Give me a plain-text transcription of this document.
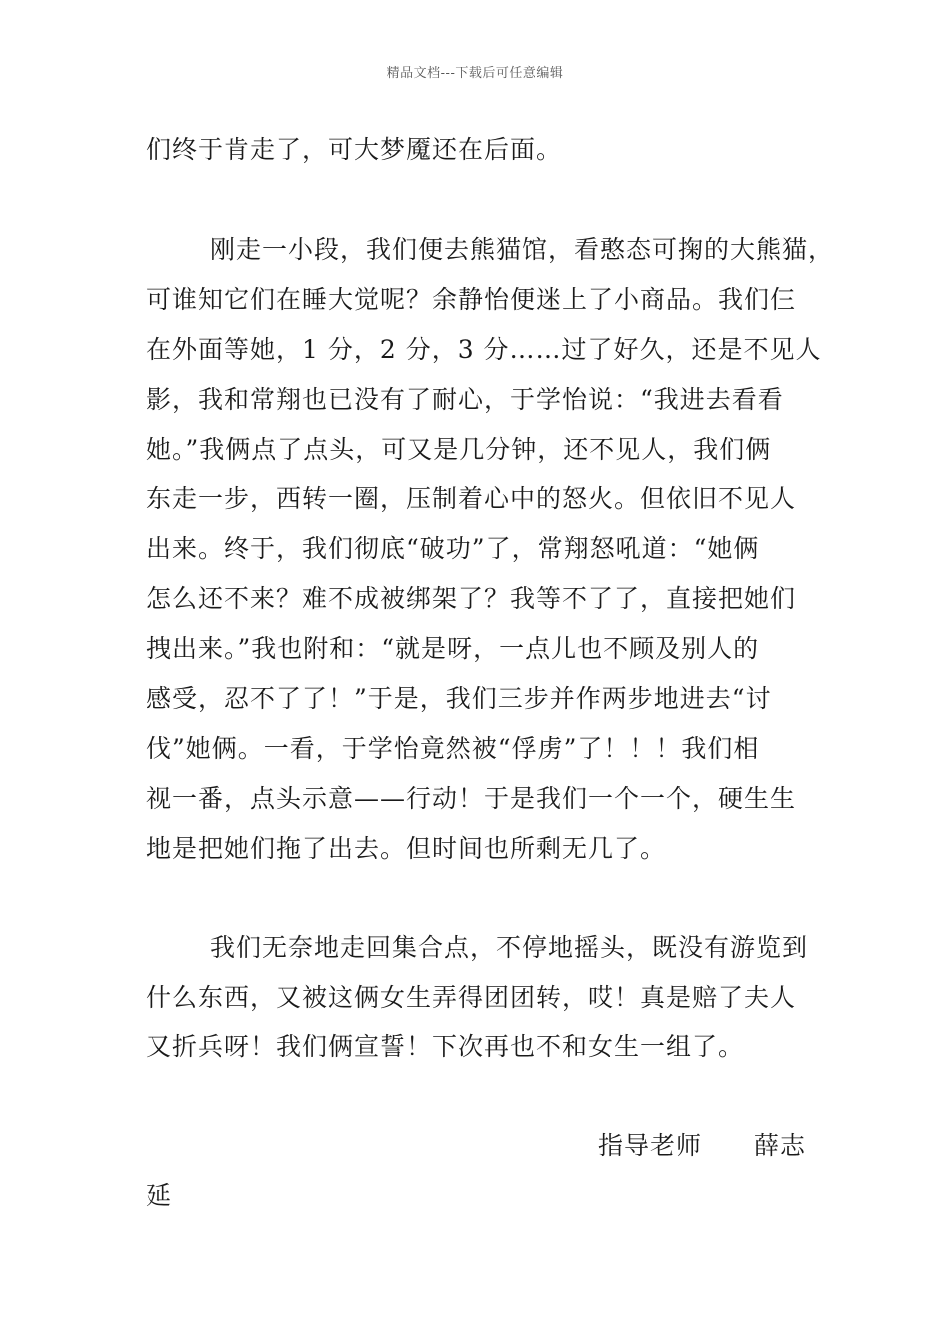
精品文档---下载后可任意编辑
们终于肯走了，可大梦魇还在后面。
刚走一小段，我们便去熊猫馆，看憨态可掬的大熊猫，
可谁知它们在睡大觉呢？余静怡便迷上了小商品。我们仨
在外面等她，1 分，2 分，3 分……过了好久，还是不见人
影，我和常翔也已没有了耐心，于学怡说：“我进去看看
她。”我俩点了点头，可又是几分钟，还不见人，我们俩
东走一步，西转一圈，压制着心中的怒火。但依旧不见人
出来。终于，我们彻底“破功”了，常翔怒吼道：“她俩
怎么还不来？难不成被绑架了？我等不了了，直接把她们
拽出来。”我也附和：“就是呀，一点儿也不顾及别人的
感受，忍不了了！”于是，我们三步并作两步地进去“讨
伐”她俩。一看，于学怡竟然被“俘虏”了！！！我们相
视一番，点头示意——行动！于是我们一个一个，硬生生
地是把她们拖了出去。但时间也所剩无几了。
我们无奈地走回集合点，不停地摇头，既没有游览到
什么东西，又被这俩女生弄得团团转，哎！真是赔了夫人
又折兵呀！我们俩宣誓！下次再也不和女生一组了。
指导老师　　薛志
延
